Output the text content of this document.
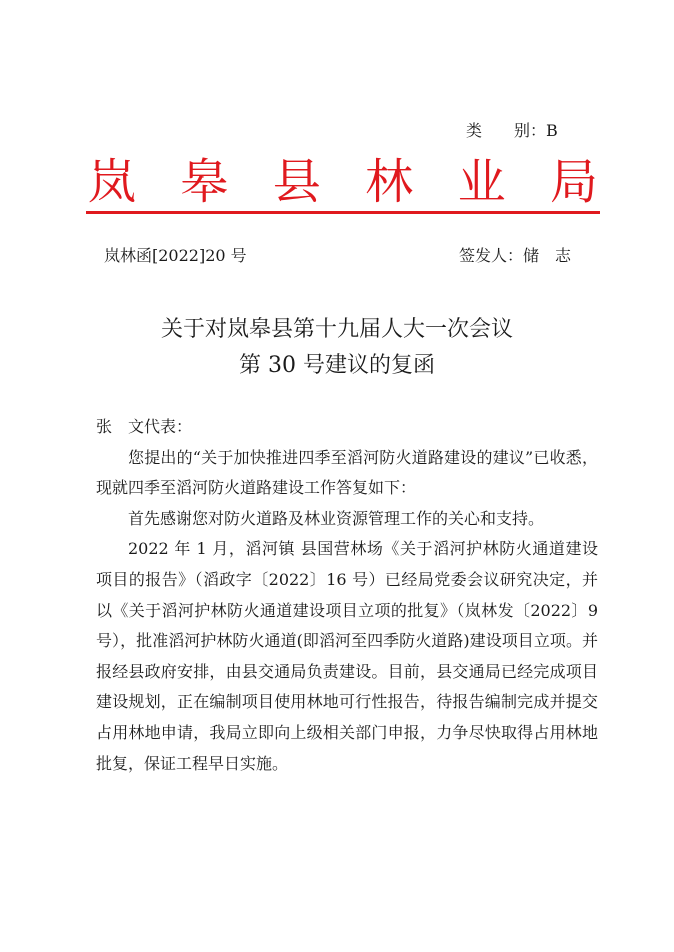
类　　别：B
岚 皋 县 林 业 局
岚林函[2022]20 号	签发人：储　志
关于对岚皋县第十九届人大一次会议
第 30 号建议的复函

张　文代表：

您提出的“关于加快推进四季至滔河防火道路建设的建议”已收悉，现就四季至滔河防火道路建设工作答复如下：

首先感谢您对防火道路及林业资源管理工作的关心和支持。

2022 年 1 月，滔河镇 县国营林场《关于滔河护林防火通道建设项目的报告》（滔政字〔2022〕16 号）已经局党委会议研究决定，并以《关于滔河护林防火通道建设项目立项的批复》（岚林发〔2022〕9 号），批准滔河护林防火通道(即滔河至四季防火道路)建设项目立项。并报经县政府安排，由县交通局负责建设。目前，县交通局已经完成项目建设规划，正在编制项目使用林地可行性报告，待报告编制完成并提交占用林地申请，我局立即向上级相关部门申报，力争尽快取得占用林地批复，保证工程早日实施。
